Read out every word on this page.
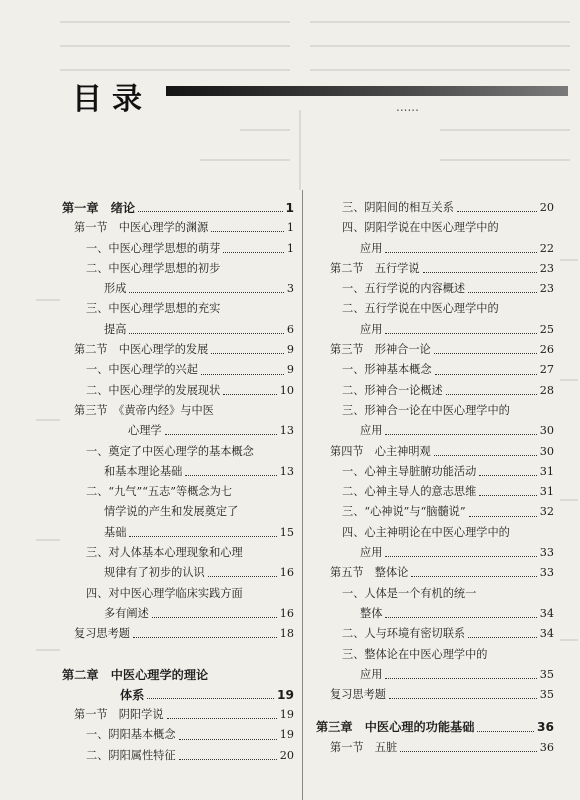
目录	......
第一章　绪论	1
第一节　中医心理学的渊源	1
一、中医心理学思想的萌芽	1
二、中医心理学思想的初步
形成	3
三、中医心理学思想的充实
提高	6
第二节　中医心理学的发展	9
一、中医心理学的兴起	9
二、中医心理学的发展现状	10
第三节　《黄帝内经》与中医
心理学	13
一、奠定了中医心理学的基本概念
和基本理论基础	13
二、“九气”“五志”等概念为七
情学说的产生和发展奠定了
基础	15
三、对人体基本心理现象和心理
规律有了初步的认识	16
四、对中医心理学临床实践方面
多有阐述	16
复习思考题	18
第二章　中医心理学的理论
体系	19
第一节　阴阳学说	19
一、阴阳基本概念	19
二、阴阳属性特征	20
三、阴阳间的相互关系	20
四、阴阳学说在中医心理学中的
应用	22
第二节　五行学说	23
一、五行学说的内容概述	23
二、五行学说在中医心理学中的
应用	25
第三节　形神合一论	26
一、形神基本概念	27
二、形神合一论概述	28
三、形神合一论在中医心理学中的
应用	30
第四节　心主神明观	30
一、心神主导脏腑功能活动	31
二、心神主导人的意志思维	31
三、“心神说”与“脑髓说”	32
四、心主神明论在中医心理学中的
应用	33
第五节　整体论	33
一、人体是一个有机的统一
整体	34
二、人与环境有密切联系	34
三、整体论在中医心理学中的
应用	35
复习思考题	35
第三章　中医心理的功能基础	36
第一节　五脏	36
